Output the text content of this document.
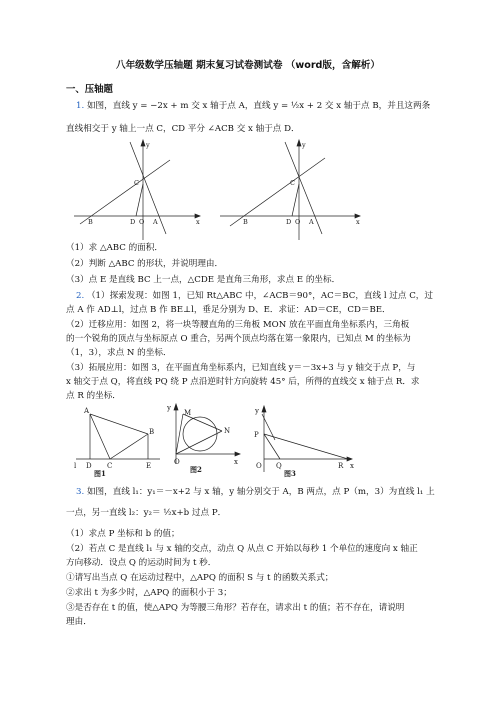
八年级数学压轴题 期末复习试卷测试卷 （word版，含解析）
一、压轴题
1. 如图，直线 y = −2x + m 交 x 轴于点 A，直线 y = ½x + 2 交 x 轴于点 B，并且这两条
直线相交于 y 轴上一点 C，CD 平分 ∠ACB 交 x 轴于点 D．
y
x
C
B	D O A
y
x
C
B	D O A
（1）求 △ABC 的面积．
（2）判断 △ABC 的形状，并说明理由．
（3）点 E 是直线 BC 上一点，△CDE 是直角三角形，求点 E 的坐标．
2. （1）探索发现：如图 1，已知 Rt△ABC 中，∠ACB＝90°，AC＝BC，直线 l 过点 C，过
点 A 作 AD⊥l，过点 B 作 BE⊥l，垂足分别为 D、E．求证：AD＝CE，CD＝BE．
（2）迁移应用：如图 2，将一块等腰直角的三角板 MON 放在平面直角坐标系内，三角板
的一个锐角的顶点与坐标原点 O 重合，另两个顶点均落在第一象限内，已知点 M 的坐标为
（1，3），求点 N 的坐标．
（3）拓展应用：如图 3，在平面直角坐标系内，已知直线 y＝－3x+3 与 y 轴交于点 P，与
x 轴交于点 Q，将直线 PQ 绕 P 点沿逆时针方向旋转 45° 后，所得的直线交 x 轴于点 R．求
点 R 的坐标．
A
B
l D C	E
图1
y
M
N
O	x
图2
y
P
O Q	R x
图3
3. 如图，直线 l₁：y₁＝－x+2 与 x 轴，y 轴分别交于 A，B 两点，点 P（m，3）为直线 l₁ 上
一点，另一直线 l₂：y₂＝ ½x+b 过点 P．
（1）求点 P 坐标和 b 的值；
（2）若点 C 是直线 l₁ 与 x 轴的交点，动点 Q 从点 C 开始以每秒 1 个单位的速度向 x 轴正
方向移动．设点 Q 的运动时间为 t 秒．
①请写出当点 Q 在运动过程中，△APQ 的面积 S 与 t 的函数关系式；
②求出 t 为多少时，△APQ 的面积小于 3；
③是否存在 t 的值，使△APQ 为等腰三角形？若存在，请求出 t 的值；若不存在，请说明
理由．
